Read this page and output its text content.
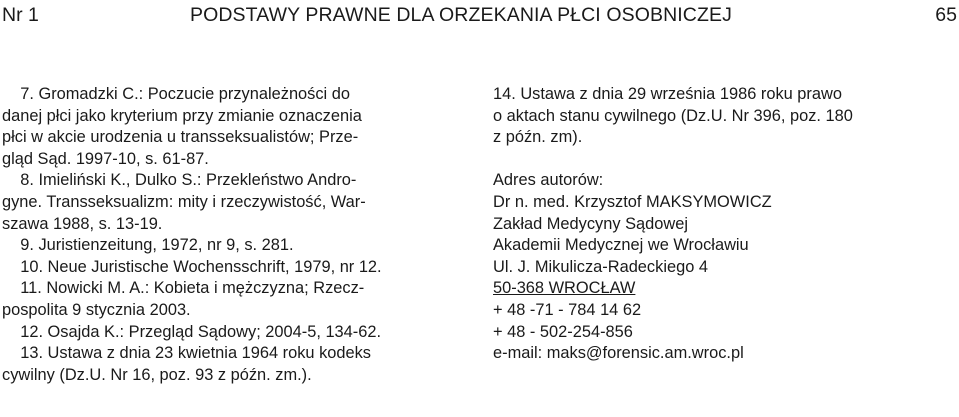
Nr 1	PODSTAWY PRAWNE DLA ORZEKANIA PŁCI OSOBNICZEJ	65
7. Gromadzki C.: Poczucie przynależności do
danej płci jako kryterium przy zmianie oznaczenia
płci w akcie urodzenia u transseksualistów; Prze-
gląd Sąd. 1997-10, s. 61-87.
8. Imieliński K., Dulko S.: Przekleństwo Andro-
gyne. Transseksualizm: mity i rzeczywistość, War-
szawa 1988, s. 13-19.
9. Juristienzeitung, 1972, nr 9, s. 281.
10. Neue Juristische Wochensschrift, 1979, nr 12.
11. Nowicki M. A.: Kobieta i mężczyzna; Rzecz-
pospolita 9 stycznia 2003.
12. Osajda K.: Przegląd Sądowy; 2004-5, 134-62.
13. Ustawa z dnia 23 kwietnia 1964 roku kodeks
cywilny (Dz.U. Nr 16, poz. 93 z późn. zm.).
14. Ustawa z dnia 29 września 1986 roku prawo
o aktach stanu cywilnego (Dz.U. Nr 396, poz. 180
z późn. zm).
Adres autorów:
Dr n. med. Krzysztof MAKSYMOWICZ
Zakład Medycyny Sądowej
Akademii Medycznej we Wrocławiu
Ul. J. Mikulicza-Radeckiego 4
50-368 WROCŁAW
+ 48 -71 - 784 14 62
+ 48 - 502-254-856
e-mail: maks@forensic.am.wroc.pl
